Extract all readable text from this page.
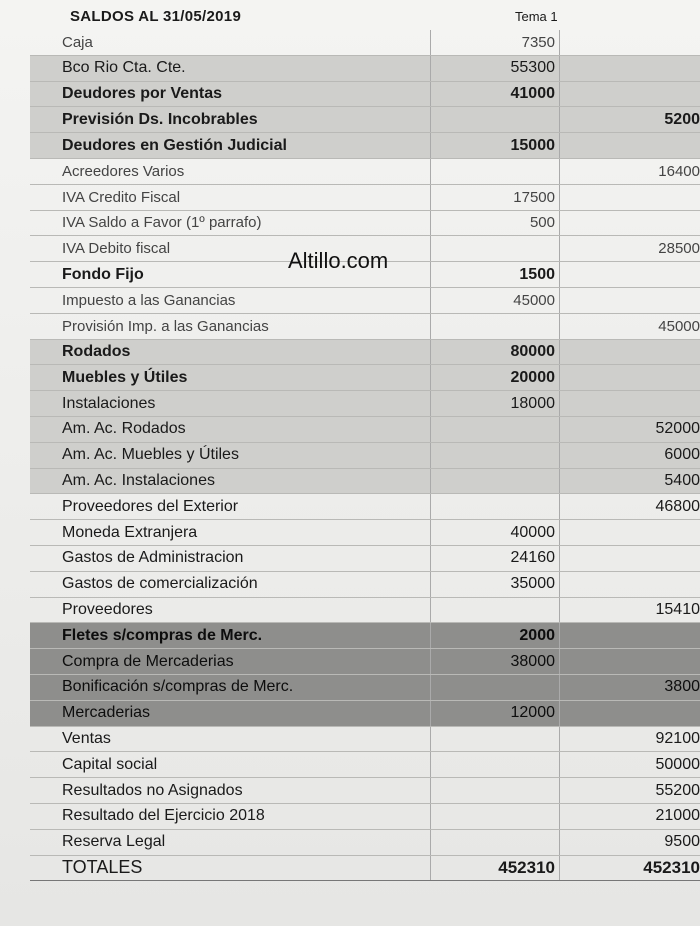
SALDOS AL 31/05/2019	Tema 1
Altillo.com
Caja	7350	
Bco Rio Cta. Cte.	55300	
Deudores por Ventas	41000	
Previsión Ds. Incobrables		5200
Deudores en Gestión Judicial	15000	
Acreedores Varios		16400
IVA Credito Fiscal	17500	
IVA Saldo a Favor (1º parrafo)	500	
IVA Debito fiscal		28500
Fondo Fijo	1500	
Impuesto a las Ganancias	45000	
Provisión Imp. a las Ganancias		45000
Rodados	80000	
Muebles y Útiles	20000	
Instalaciones	18000	
Am. Ac. Rodados		52000
Am. Ac. Muebles y Útiles		6000
Am. Ac. Instalaciones		5400
Proveedores del Exterior		46800
Moneda Extranjera	40000	
Gastos de Administracion	24160	
Gastos de comercialización	35000	
Proveedores		15410
Fletes s/compras de Merc.	2000	
Compra de Mercaderias	38000	
Bonificación s/compras de Merc.		3800
Mercaderias	12000	
Ventas		92100
Capital social		50000
Resultados no Asignados		55200
Resultado del Ejercicio 2018		21000
Reserva Legal		9500
TOTALES	452310	452310
